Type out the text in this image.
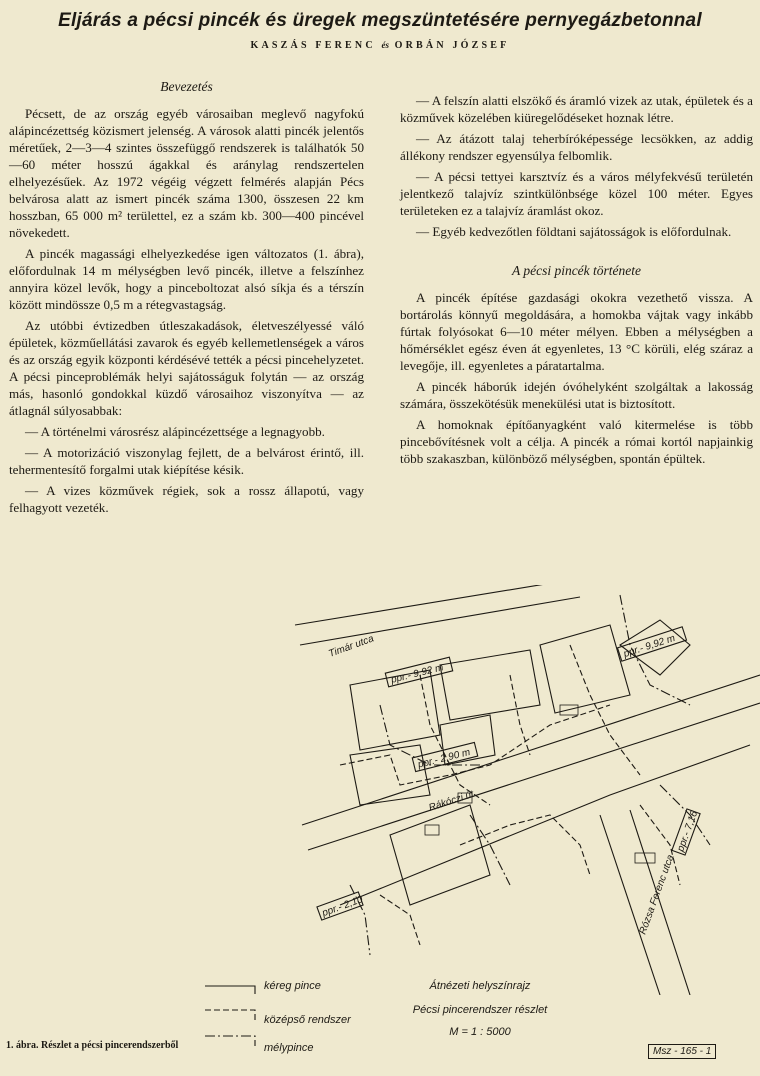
Eljárás a pécsi pincék és üregek megszüntetésére pernyegázbetonnal
KASZÁS FERENC és ORBÁN JÓZSEF
Bevezetés

Pécsett, de az ország egyéb városaiban meglevő nagyfokú alápincézettség közismert jelenség. A városok alatti pincék jelentős méretűek, 2—3—4 szintes összefüggő rendszerek is találhatók 50—60 méter hosszú ágakkal és aránylag rendszertelen elhelyezésűek. Az 1972 végéig végzett felmérés alapján Pécs belvárosa alatt az ismert pincék száma 1300, összesen 22 km hosszban, 65 000 m² területtel, ez a szám kb. 300—400 pincével növekedett.

A pincék magassági elhelyezkedése igen változatos (1. ábra), előfordulnak 14 m mélységben levő pincék, illetve a felszínhez annyira közel levők, hogy a pinceboltozat alsó síkja és a térszín között mindössze 0,5 m a rétegvastagság.

Az utóbbi évtizedben útleszakadások, életveszélyessé váló épületek, közműellátási zavarok és egyéb kellemetlenségek a város és az ország egyik központi kérdésévé tették a pécsi pincehelyzetet. A pécsi pinceproblémák helyi sajátosságuk folytán — az ország más, hasonló gondokkal küzdő városaihoz viszonyítva — az átlagnál súlyosabbak:

— A történelmi városrész alápincézettsége a legnagyobb.

— A motorizáció viszonylag fejlett, de a belvárost érintő, ill. tehermentesítő forgalmi utak kiépítése késik.

— A vizes közművek régiek, sok a rossz állapotú, vagy felhagyott vezeték.

— A felszín alatti elszökő és áramló vizek az utak, épületek és a közművek közelében kiüregelődéseket hoznak létre.

— Az átázott talaj teherbíróképessége lecsökken, az addig állékony rendszer egyensúlya felbomlik.

— A pécsi tettyei karsztvíz és a város mélyfekvésű területén jelentkező talajvíz szintkülönbsége közel 100 méter. Egyes területeken ez a talajvíz áramlást okoz.

— Egyéb kedvezőtlen földtani sajátosságok is előfordulnak.

A pécsi pincék története

A pincék építése gazdasági okokra vezethető vissza. A bortárolás könnyű megoldására, a homokba vájtak vagy inkább fúrtak folyósokat 6—10 méter mélyen. Ebben a mélységben a hőmérséklet egész éven át egyenletes, 13 °C körüli, elég száraz a levegője, ill. egyenletes a páratartalma.

A pincék háborúk idején óvóhelyként szolgáltak a lakosság számára, összekötésük menekülési utat is biztosított.

A homoknak építőanyagként való kitermelése is több pincebővítésnek volt a célja. A pincék a római kortól napjainkig több szakaszban, különböző mélységben, spontán épültek.

Timár utca
Rákóczi út
Rózsa Ferenc utca
ppr.- 9,92 m
ppr.- 9,92 m
ppr.- 2,90 m
ppr.- 2,10
ppr.- 7,16
kéreg pince
középső rendszer
mélypince
Átnézeti helyszínrajz
Pécsi pincerendszer részlet
M = 1 : 5000
1. ábra. Részlet a pécsi pincerendszerből
Msz - 165 - 1
